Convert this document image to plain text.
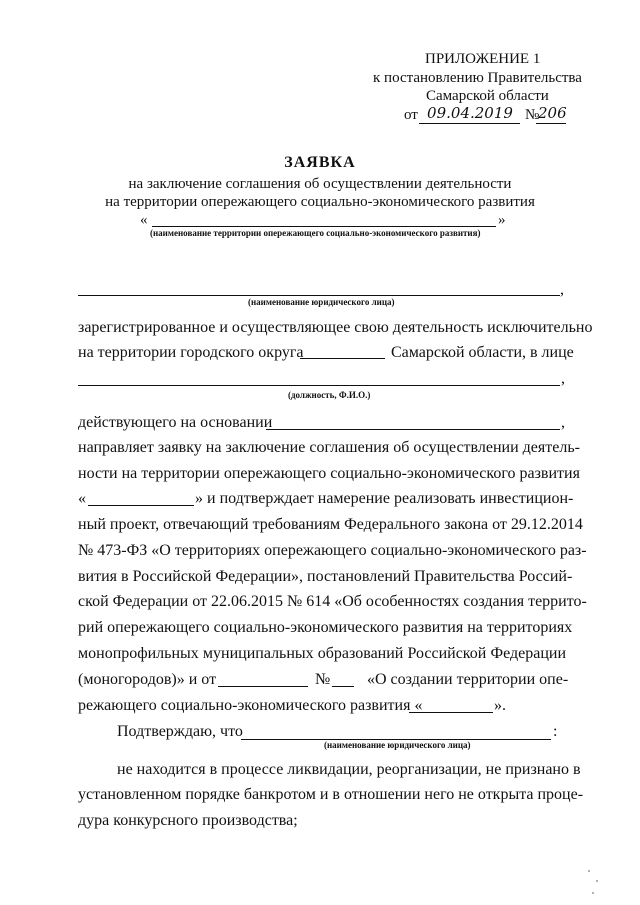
ПРИЛОЖЕНИЕ 1
к постановлению Правительства
Самарской области
от 09.04.2019 №
206
ЗАЯВКА
на заключение соглашения об осуществлении деятельности
на территории опережающего социально-экономического развития
«	»
(наименование территории опережающего социально-экономического развития)
,
(наименование юридического лица)
зарегистрированное и осуществляющее свою деятельность исключительно
на территории городского округа	Самарской области, в лице
,
(должность, Ф.И.О.)
действующего на основании	,
направляет заявку на заключение соглашения об осуществлении деятель-
ности на территории опережающего социально-экономического развития
«	» и подтверждает намерение реализовать инвестицион-
ный проект, отвечающий требованиям Федерального закона от 29.12.2014
№ 473-ФЗ «О территориях опережающего социально-экономического раз-
вития в Российской Федерации», постановлений Правительства Россий-
ской Федерации от 22.06.2015 № 614 «Об особенностях создания террито-
рий опережающего социально-экономического развития на территориях
монопрофильных муниципальных образований Российской Федерации
(моногородов)» и от	№ «О создании территории опе-
режающего социально-экономического развития «	».
Подтверждаю, что	:
(наименование юридического лица)
не находится в процессе ликвидации, реорганизации, не признано в
установленном порядке банкротом и в отношении него не открыта проце-
дура конкурсного производства;
